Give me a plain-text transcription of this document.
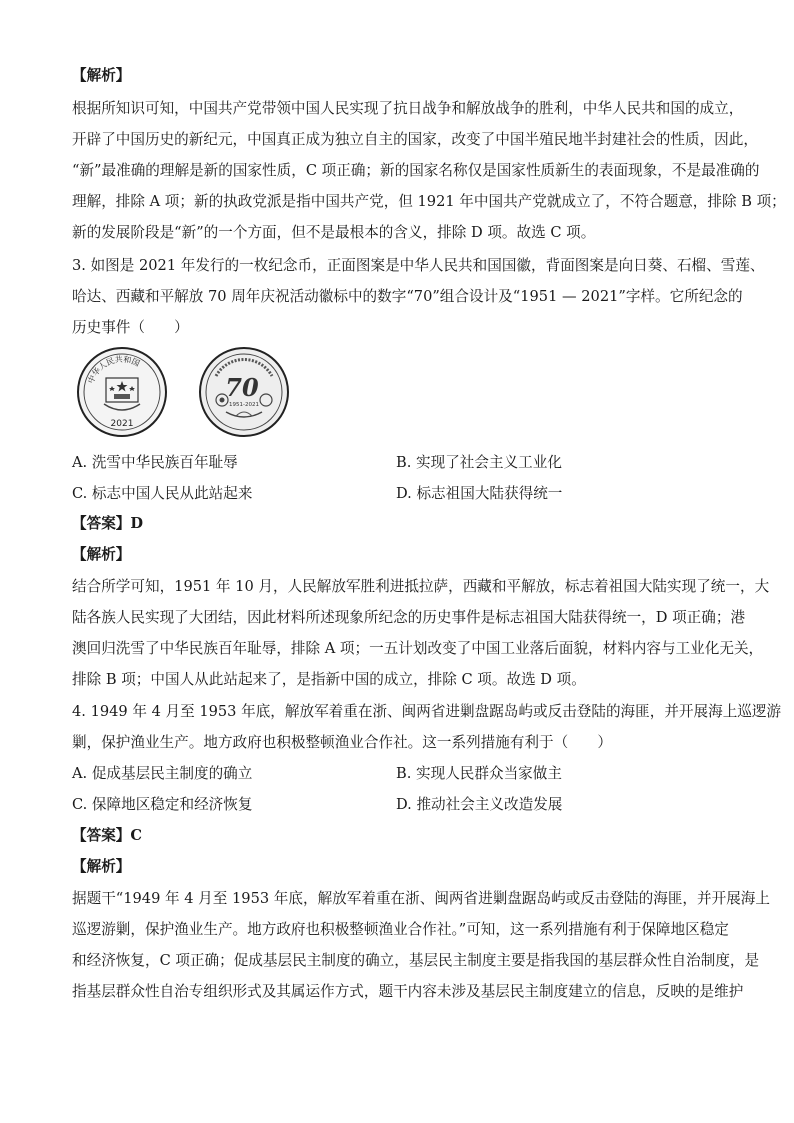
【解析】
根据所知识可知，中国共产党带领中国人民实现了抗日战争和解放战争的胜利，中华人民共和国的成立，
开辟了中国历史的新纪元，中国真正成为独立自主的国家，改变了中国半殖民地半封建社会的性质，因此，
“新”最准确的理解是新的国家性质，C 项正确；新的国家名称仅是国家性质新生的表面现象，不是最准确的
理解，排除 A 项；新的执政党派是指中国共产党，但 1921 年中国共产党就成立了，不符合题意，排除 B 项；
新的发展阶段是“新”的一个方面，但不是最根本的含义，排除 D 项。故选 C 项。
3. 如图是 2021 年发行的一枚纪念币，正面图案是中华人民共和国国徽，背面图案是向日葵、石榴、雪莲、
哈达、西藏和平解放 70 周年庆祝活动徽标中的数字“70”组合设计及“1951 — 2021”字样。它所纪念的
历史事件（　　）
中华人民共和国
2021
70
1951-2021
A. 洗雪中华民族百年耻辱	B. 实现了社会主义工业化
C. 标志中国人民从此站起来	D. 标志祖国大陆获得统一
【答案】D
【解析】
结合所学可知，1951 年 10 月，人民解放军胜利进抵拉萨，西藏和平解放，标志着祖国大陆实现了统一，大
陆各族人民实现了大团结，因此材料所述现象所纪念的历史事件是标志祖国大陆获得统一，D 项正确；港
澳回归洗雪了中华民族百年耻辱，排除 A 项；一五计划改变了中国工业落后面貌，材料内容与工业化无关，
排除 B 项；中国人从此站起来了，是指新中国的成立，排除 C 项。故选 D 项。
4. 1949 年 4 月至 1953 年底，解放军着重在浙、闽两省进剿盘踞岛屿或反击登陆的海匪，并开展海上巡逻游
剿，保护渔业生产。地方政府也积极整顿渔业合作社。这一系列措施有利于（　　）
A. 促成基层民主制度的确立	B. 实现人民群众当家做主
C. 保障地区稳定和经济恢复	D. 推动社会主义改造发展
【答案】C
【解析】
据题干“1949 年 4 月至 1953 年底，解放军着重在浙、闽两省进剿盘踞岛屿或反击登陆的海匪，并开展海上
巡逻游剿，保护渔业生产。地方政府也积极整顿渔业合作社。”可知，这一系列措施有利于保障地区稳定
和经济恢复，C 项正确；促成基层民主制度的确立，基层民主制度主要是指我国的基层群众性自治制度，是
指基层群众性自治专组织形式及其属运作方式，题干内容未涉及基层民主制度建立的信息，反映的是维护
